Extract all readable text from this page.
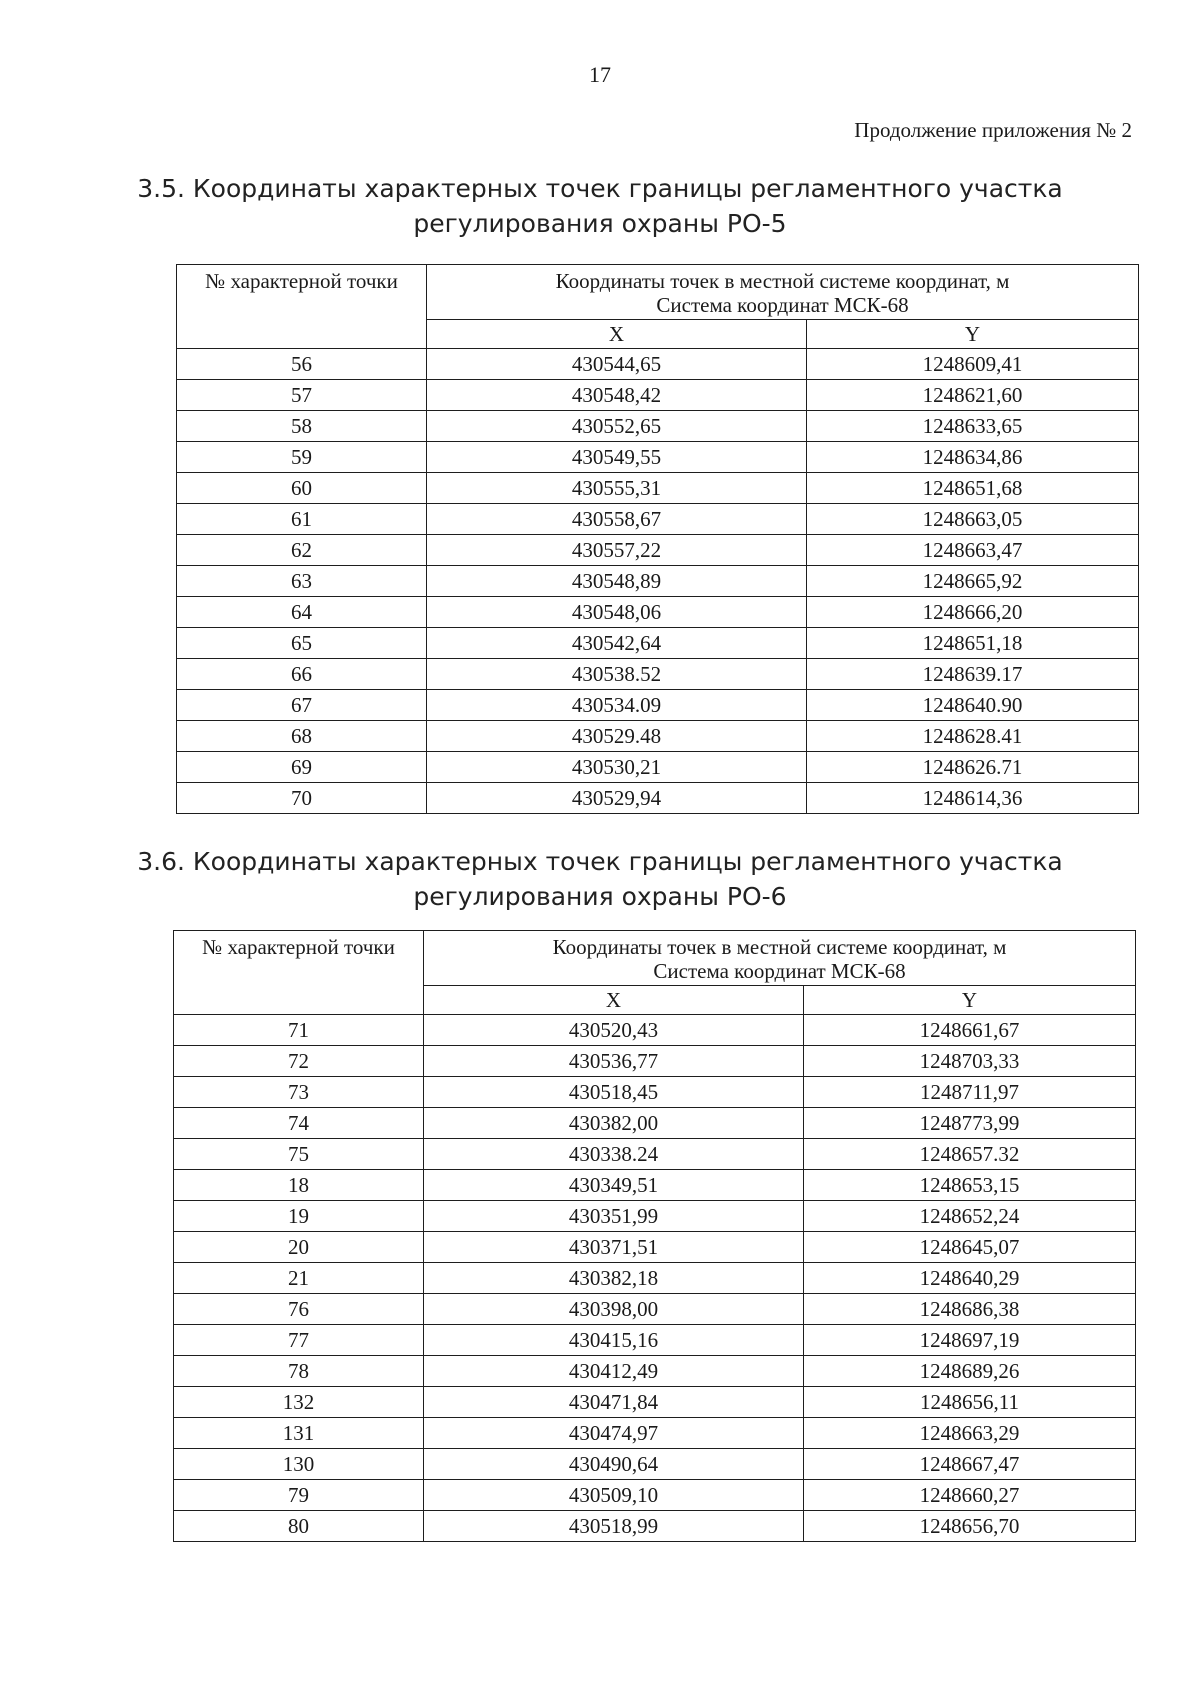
17
Продолжение приложения № 2
3.5. Координаты характерных точек границы регламентного участка
регулирования охраны РО-5
№ характерной точки	Координаты точек в местной системе координат, м
Система координат МСК-68	

	X	Y
56	430544,65	1248609,41
57	430548,42	1248621,60
58	430552,65	1248633,65
59	430549,55	1248634,86
60	430555,31	1248651,68
61	430558,67	1248663,05
62	430557,22	1248663,47
63	430548,89	1248665,92
64	430548,06	1248666,20
65	430542,64	1248651,18
66	430538.52	1248639.17
67	430534.09	1248640.90
68	430529.48	1248628.41
69	430530,21	1248626.71
70	430529,94	1248614,36
3.6. Координаты характерных точек границы регламентного участка
регулирования охраны РО-6
№ характерной точки	Координаты точек в местной системе координат, м
Система координат МСК-68	

	X	Y
71	430520,43	1248661,67
72	430536,77	1248703,33
73	430518,45	1248711,97
74	430382,00	1248773,99
75	430338.24	1248657.32
18	430349,51	1248653,15
19	430351,99	1248652,24
20	430371,51	1248645,07
21	430382,18	1248640,29
76	430398,00	1248686,38
77	430415,16	1248697,19
78	430412,49	1248689,26
132	430471,84	1248656,11
131	430474,97	1248663,29
130	430490,64	1248667,47
79	430509,10	1248660,27
80	430518,99	1248656,70
